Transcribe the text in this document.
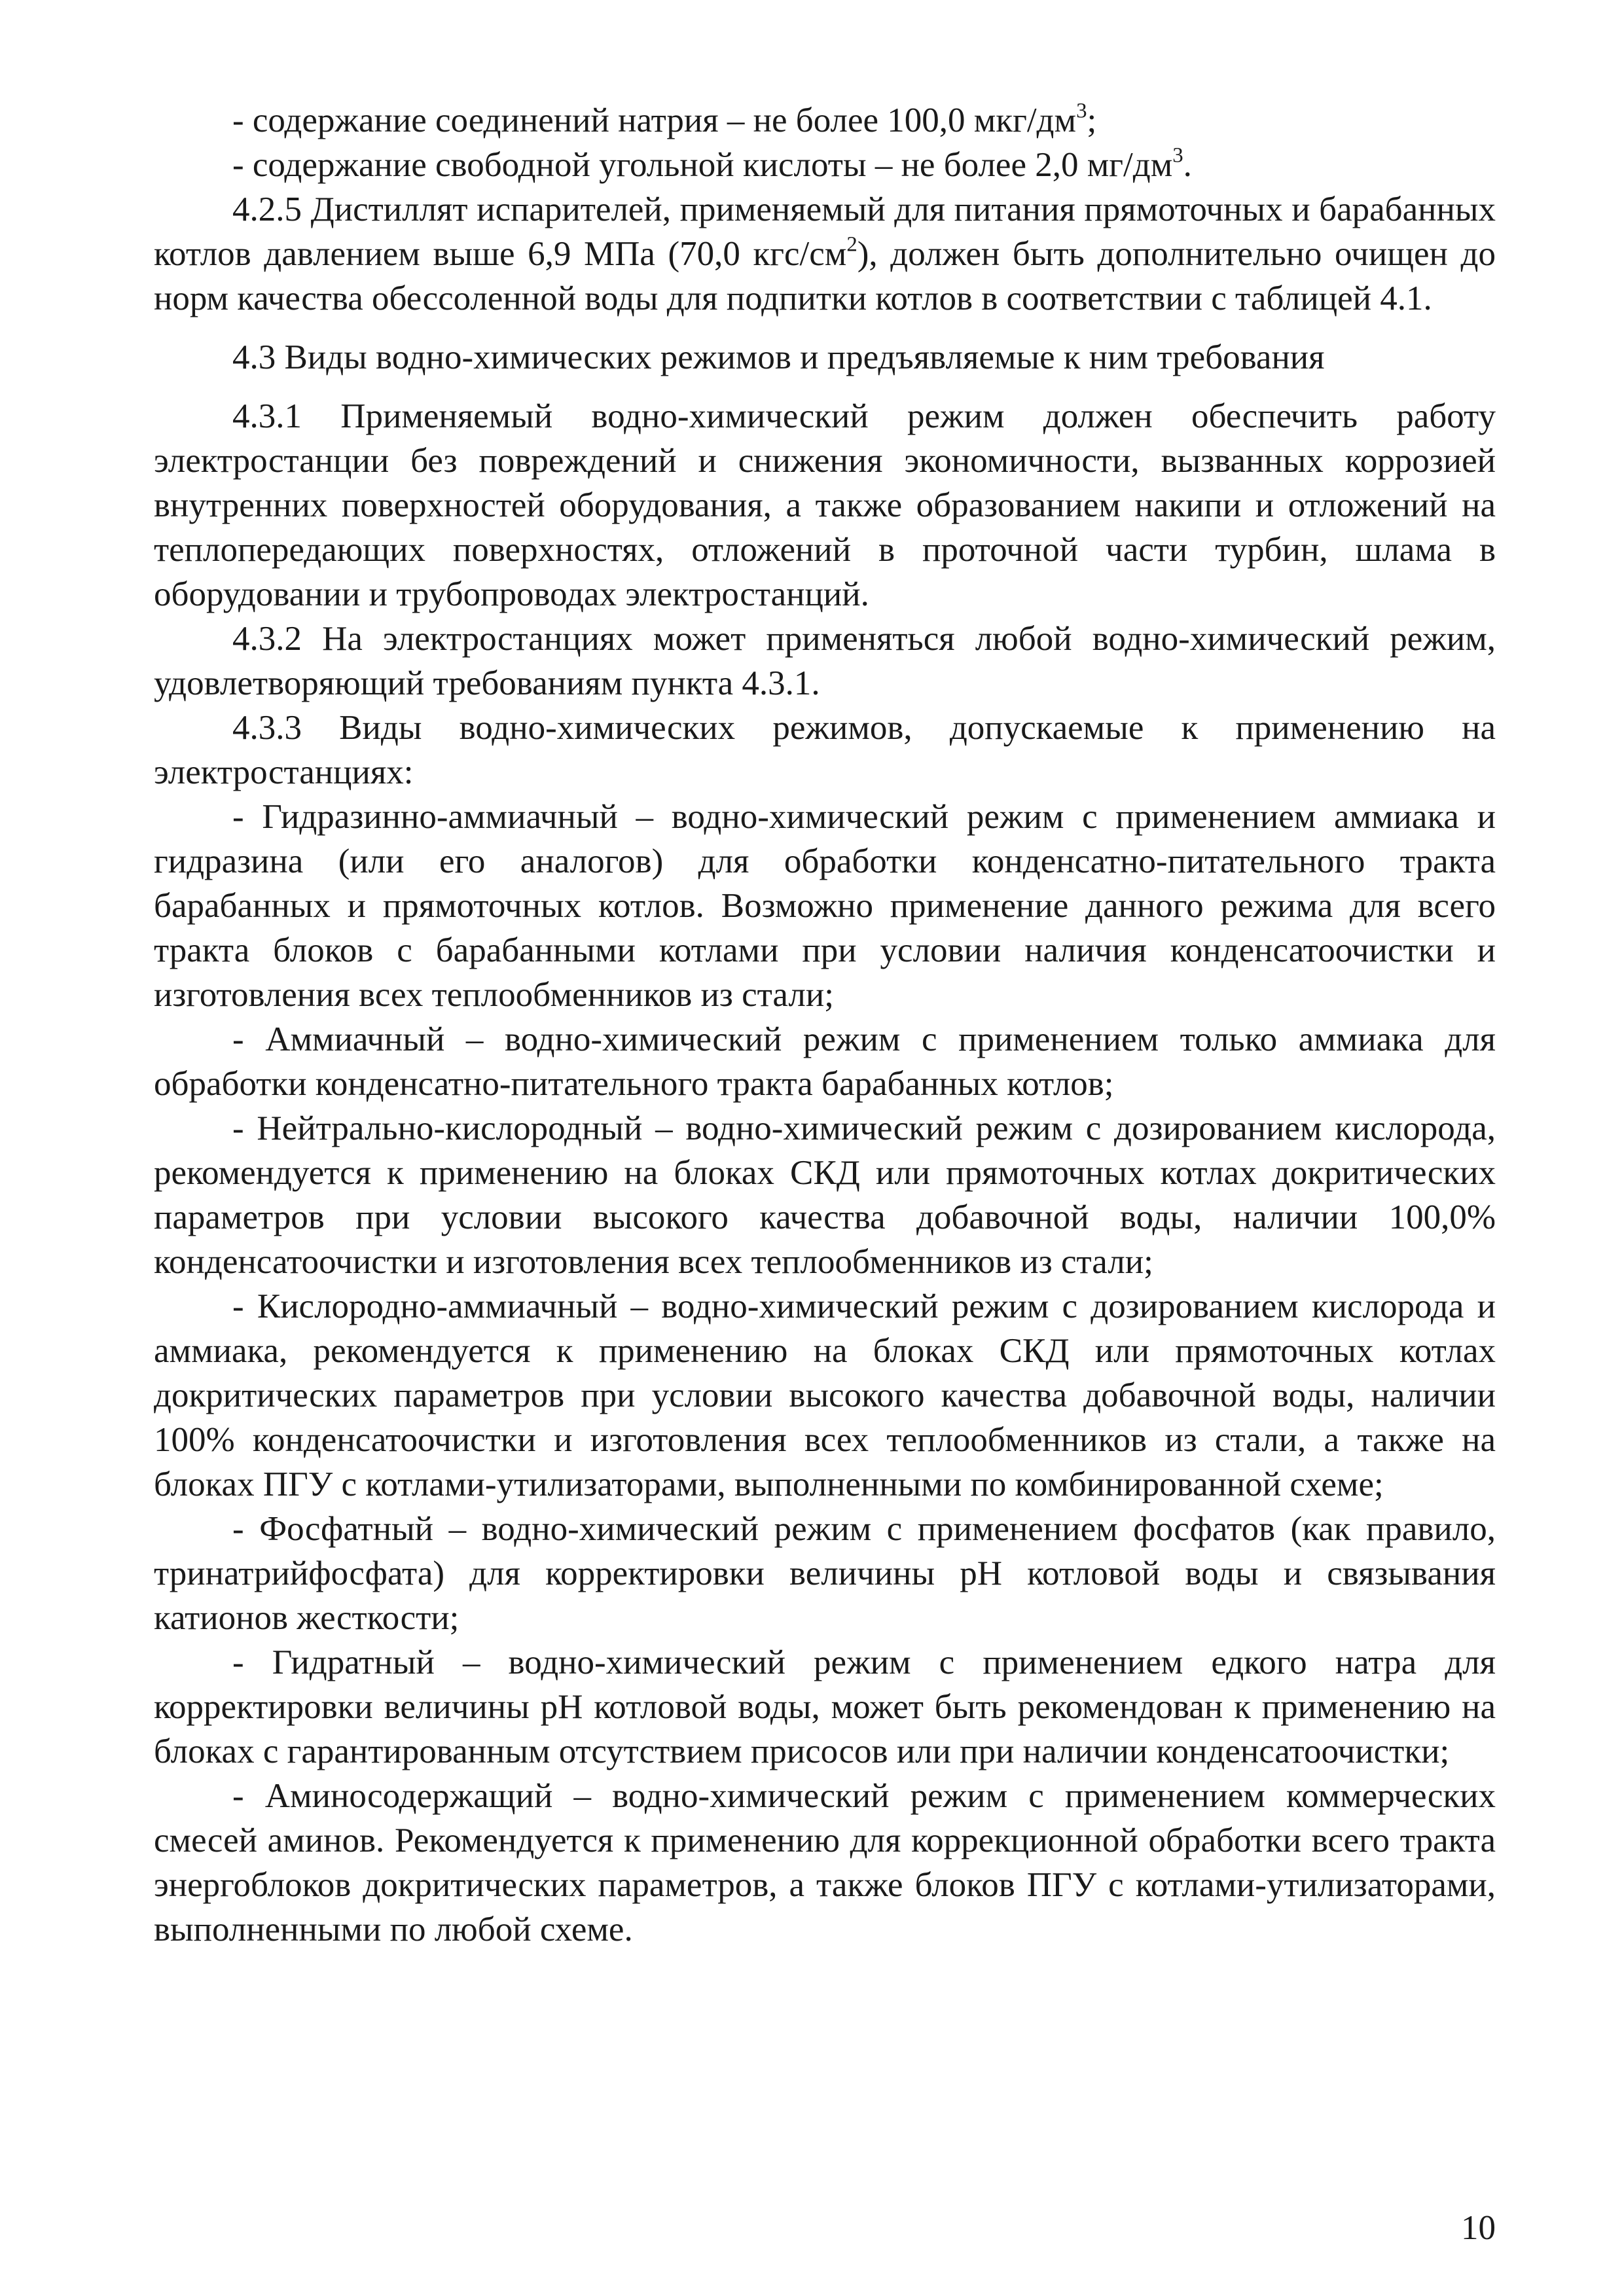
- содержание соединений натрия – не более 100,0 мкг/$дм^3$;

- содержание свободной угольной кислоты – не более 2,0 $мг/дм^3$.

4.2.5 Дистиллят испарителей, применяемый для питания прямоточных и барабанных котлов давлением выше 6,9 МПа (70,0 кгс/$см^2$), должен быть дополнительно очищен до норм качества обессоленной воды для подпитки котлов в соответствии с таблицей 4.1.

4.3 Виды водно-химических режимов и предъявляемые к ним требования

4.3.1 Применяемый водно-химический режим должен обеспечить работу электростанции без повреждений и снижения экономичности, вызванных коррозией внутренних поверхностей оборудования, а также образованием накипи и отложений на теплопередающих поверхностях, отложений в проточной части турбин, шлама в оборудовании и трубопроводах электростанций.

4.3.2 На электростанциях может применяться любой водно-химический режим, удовлетворяющий требованиям пункта 4.3.1.

4.3.3 Виды водно-химических режимов, допускаемые к применению на электростанциях:

- Гидразинно-аммиачный – водно-химический режим с применением аммиака и гидразина (или его аналогов) для обработки конденсатно-питательного тракта барабанных и прямоточных котлов. Возможно применение данного режима для всего тракта блоков с барабанными котлами при условии наличия конденсатоочистки и изготовления всех теплообменников из стали;

- Аммиачный – водно-химический режим с применением только аммиака для обработки конденсатно-питательного тракта барабанных котлов;

- Нейтрально-кислородный – водно-химический режим с дозированием кислорода, рекомендуется к применению на блоках СКД или прямоточных котлах докритических параметров при условии высокого качества добавочной воды, наличии 100,0% конденсатоочистки и изготовления всех теплообменников из стали;

- Кислородно-аммиачный – водно-химический режим с дозированием кислорода и аммиака, рекомендуется к применению на блоках СКД или прямоточных котлах докритических параметров при условии высокого качества добавочной воды, наличии 100% конденсатоочистки и изготовления всех теплообменников из стали, а также на блоках ПГУ с котлами-утилизаторами, выполненными по комбинированной схеме;

- Фосфатный – водно-химический режим с применением фосфатов (как правило, тринатрийфосфата) для корректировки величины pH котловой воды и связывания катионов жесткости;

- Гидратный – водно-химический режим с применением едкого натра для корректировки величины pH котловой воды, может быть рекомендован к применению на блоках с гарантированным отсутствием присосов или при наличии конденсатоочистки;

- Аминосодержащий – водно-химический режим с применением коммерческих смесей аминов. Рекомендуется к применению для коррекционной обработки всего тракта энергоблоков докритических параметров, а также блоков ПГУ с котлами-утилизаторами, выполненными по любой схеме.

10
